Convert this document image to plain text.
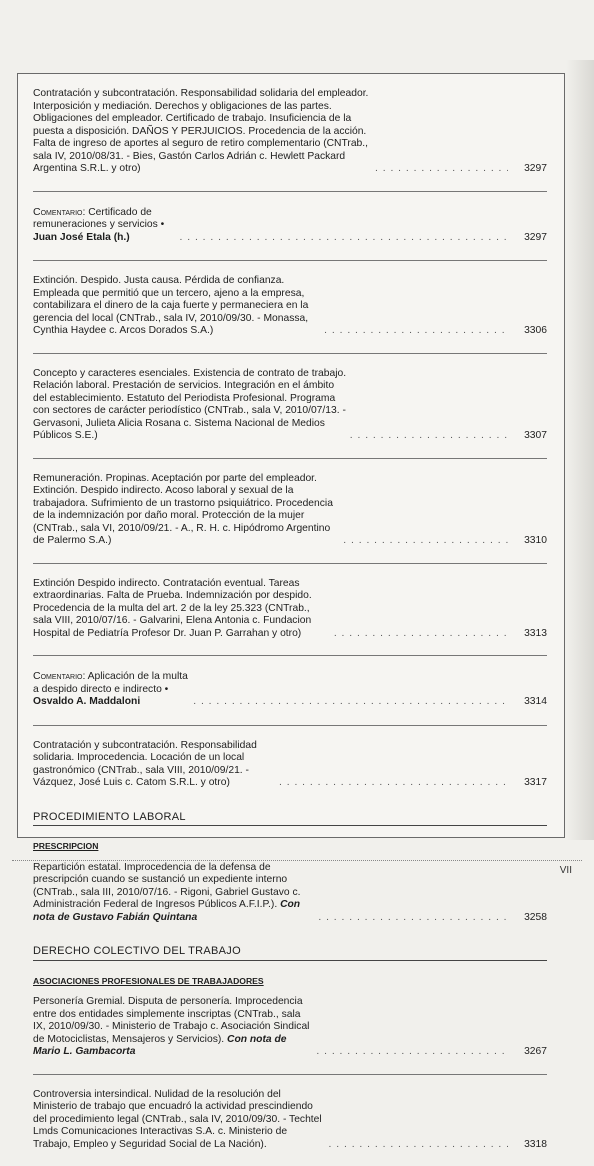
Contratación y subcontratación. Responsabilidad solidaria del empleador. Interposición y mediación. Derechos y obligaciones de las partes. Obligaciones del empleador. Certificado de trabajo. Insuficiencia de la puesta a disposición. DAÑOS Y PERJUICIOS. Procedencia de la acción. Falta de ingreso de aportes al seguro de retiro complementario (CNTrab., sala IV, 2010/08/31. - Bies, Gastón Carlos Adrián c. Hewlett Packard Argentina S.R.L. y otro) . . .	3297
Comentario: Certificado de remuneraciones y servicios • Juan José Etala (h.) . . .	3297
Extinción. Despido. Justa causa. Pérdida de confianza. Empleada que permitió que un tercero, ajeno a la empresa, contabilizara el dinero de la caja fuerte y permaneciera en la gerencia del local (CNTrab., sala IV, 2010/09/30. - Monassa, Cynthia Haydee c. Arcos Dorados S.A.) . . .	3306
Concepto y caracteres esenciales. Existencia de contrato de trabajo. Relación laboral. Prestación de servicios. Integración en el ámbito del establecimiento. Estatuto del Periodista Profesional. Programa con sectores de carácter periodístico (CNTrab., sala V, 2010/07/13. - Gervasoni, Julieta Alicia Rosana c. Sistema Nacional de Medios Públicos S.E.) . . .	3307
Remuneración. Propinas. Aceptación por parte del empleador. Extinción. Despido indirecto. Acoso laboral y sexual de la trabajadora. Sufrimiento de un trastorno psiquiátrico. Procedencia de la indemnización por daño moral. Protección de la mujer (CNTrab., sala VI, 2010/09/21. - A., R. H. c. Hipódromo Argentino de Palermo S.A.) . . .	3310
Extinción Despido indirecto. Contratación eventual. Tareas extraordinarias. Falta de Prueba. Indemnización por despido. Procedencia de la multa del art. 2 de la ley 25.323 (CNTrab., sala VIII, 2010/07/16. - Galvarini, Elena Antonia c. Fundacion Hospital de Pediatría Profesor Dr. Juan P. Garrahan y otro) . . .	3313
Comentario: Aplicación de la multa a despido directo e indirecto • Osvaldo A. Maddaloni . . .	3314
Contratación y subcontratación. Responsabilidad solidaria. Improcedencia. Locación de un local gastronómico (CNTrab., sala VIII, 2010/09/21. - Vázquez, José Luis c. Catom S.R.L. y otro) . . .	3317
PROCEDIMIENTO LABORAL
PRESCRIPCION
Repartición estatal. Improcedencia de la defensa de prescripción cuando se sustanció un expediente interno (CNTrab., sala III, 2010/07/16. - Rigoni, Gabriel Gustavo c. Administración Federal de Ingresos Públicos A.F.I.P.). Con nota de Gustavo Fabián Quintana . . .	3258
DERECHO COLECTIVO DEL TRABAJO
ASOCIACIONES PROFESIONALES DE TRABAJADORES
Personería Gremial. Disputa de personería. Improcedencia entre dos entidades simplemente inscriptas (CNTrab., sala IX, 2010/09/30. - Ministerio de Trabajo c. Asociación Sindical de Motociclistas, Mensajeros y Servicios). Con nota de Mario L. Gambacorta . . .	3267
Controversia intersindical. Nulidad de la resolución del Ministerio de trabajo que encuadró la actividad prescindiendo del procedimiento legal (CNTrab., sala IV, 2010/09/30. - Techtel Lmds Comunicaciones Interactivas S.A. c. Ministerio de Trabajo, Empleo y Seguridad Social de La Nación). . . .	3318
VII
